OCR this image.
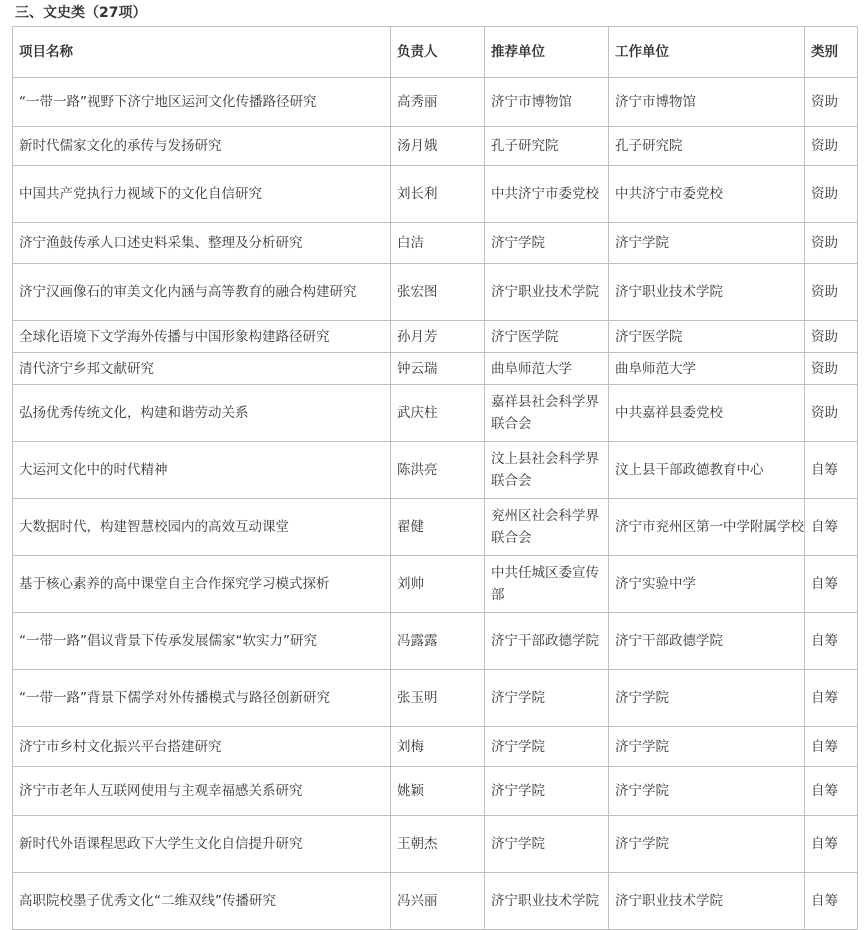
三、文史类（27项）
项目名称	负责人	推荐单位	工作单位	类别
“一带一路”视野下济宁地区运河文化传播路径研究	高秀丽	济宁市博物馆	济宁市博物馆	资助
新时代儒家文化的承传与发扬研究	汤月娥	孔子研究院	孔子研究院	资助
中国共产党执行力视域下的文化自信研究	刘长利	中共济宁市委党校	中共济宁市委党校	资助
济宁渔鼓传承人口述史料采集、整理及分析研究	白洁	济宁学院	济宁学院	资助
济宁汉画像石的审美文化内涵与高等教育的融合构建研究	张宏图	济宁职业技术学院	济宁职业技术学院	资助
全球化语境下文学海外传播与中国形象构建路径研究	孙月芳	济宁医学院	济宁医学院	资助
清代济宁乡邦文献研究	钟云瑞	曲阜师范大学	曲阜师范大学	资助
弘扬优秀传统文化，构建和谐劳动关系	武庆柱	嘉祥县社会科学界联合会	中共嘉祥县委党校	资助
大运河文化中的时代精神	陈洪亮	汶上县社会科学界联合会	汶上县干部政德教育中心	自筹
大数据时代，构建智慧校园内的高效互动课堂	翟健	兖州区社会科学界联合会	济宁市兖州区第一中学附属学校	自筹
基于核心素养的高中课堂自主合作探究学习模式探析	刘帅	中共任城区委宣传部	济宁实验中学	自筹
“一带一路”倡议背景下传承发展儒家“软实力”研究	冯露露	济宁干部政德学院	济宁干部政德学院	自筹
“一带一路”背景下儒学对外传播模式与路径创新研究	张玉明	济宁学院	济宁学院	自筹
济宁市乡村文化振兴平台搭建研究	刘梅	济宁学院	济宁学院	自筹
济宁市老年人互联网使用与主观幸福感关系研究	姚颖	济宁学院	济宁学院	自筹
新时代外语课程思政下大学生文化自信提升研究	王朝杰	济宁学院	济宁学院	自筹
高职院校墨子优秀文化“二维双线”传播研究	冯兴丽	济宁职业技术学院	济宁职业技术学院	自筹
